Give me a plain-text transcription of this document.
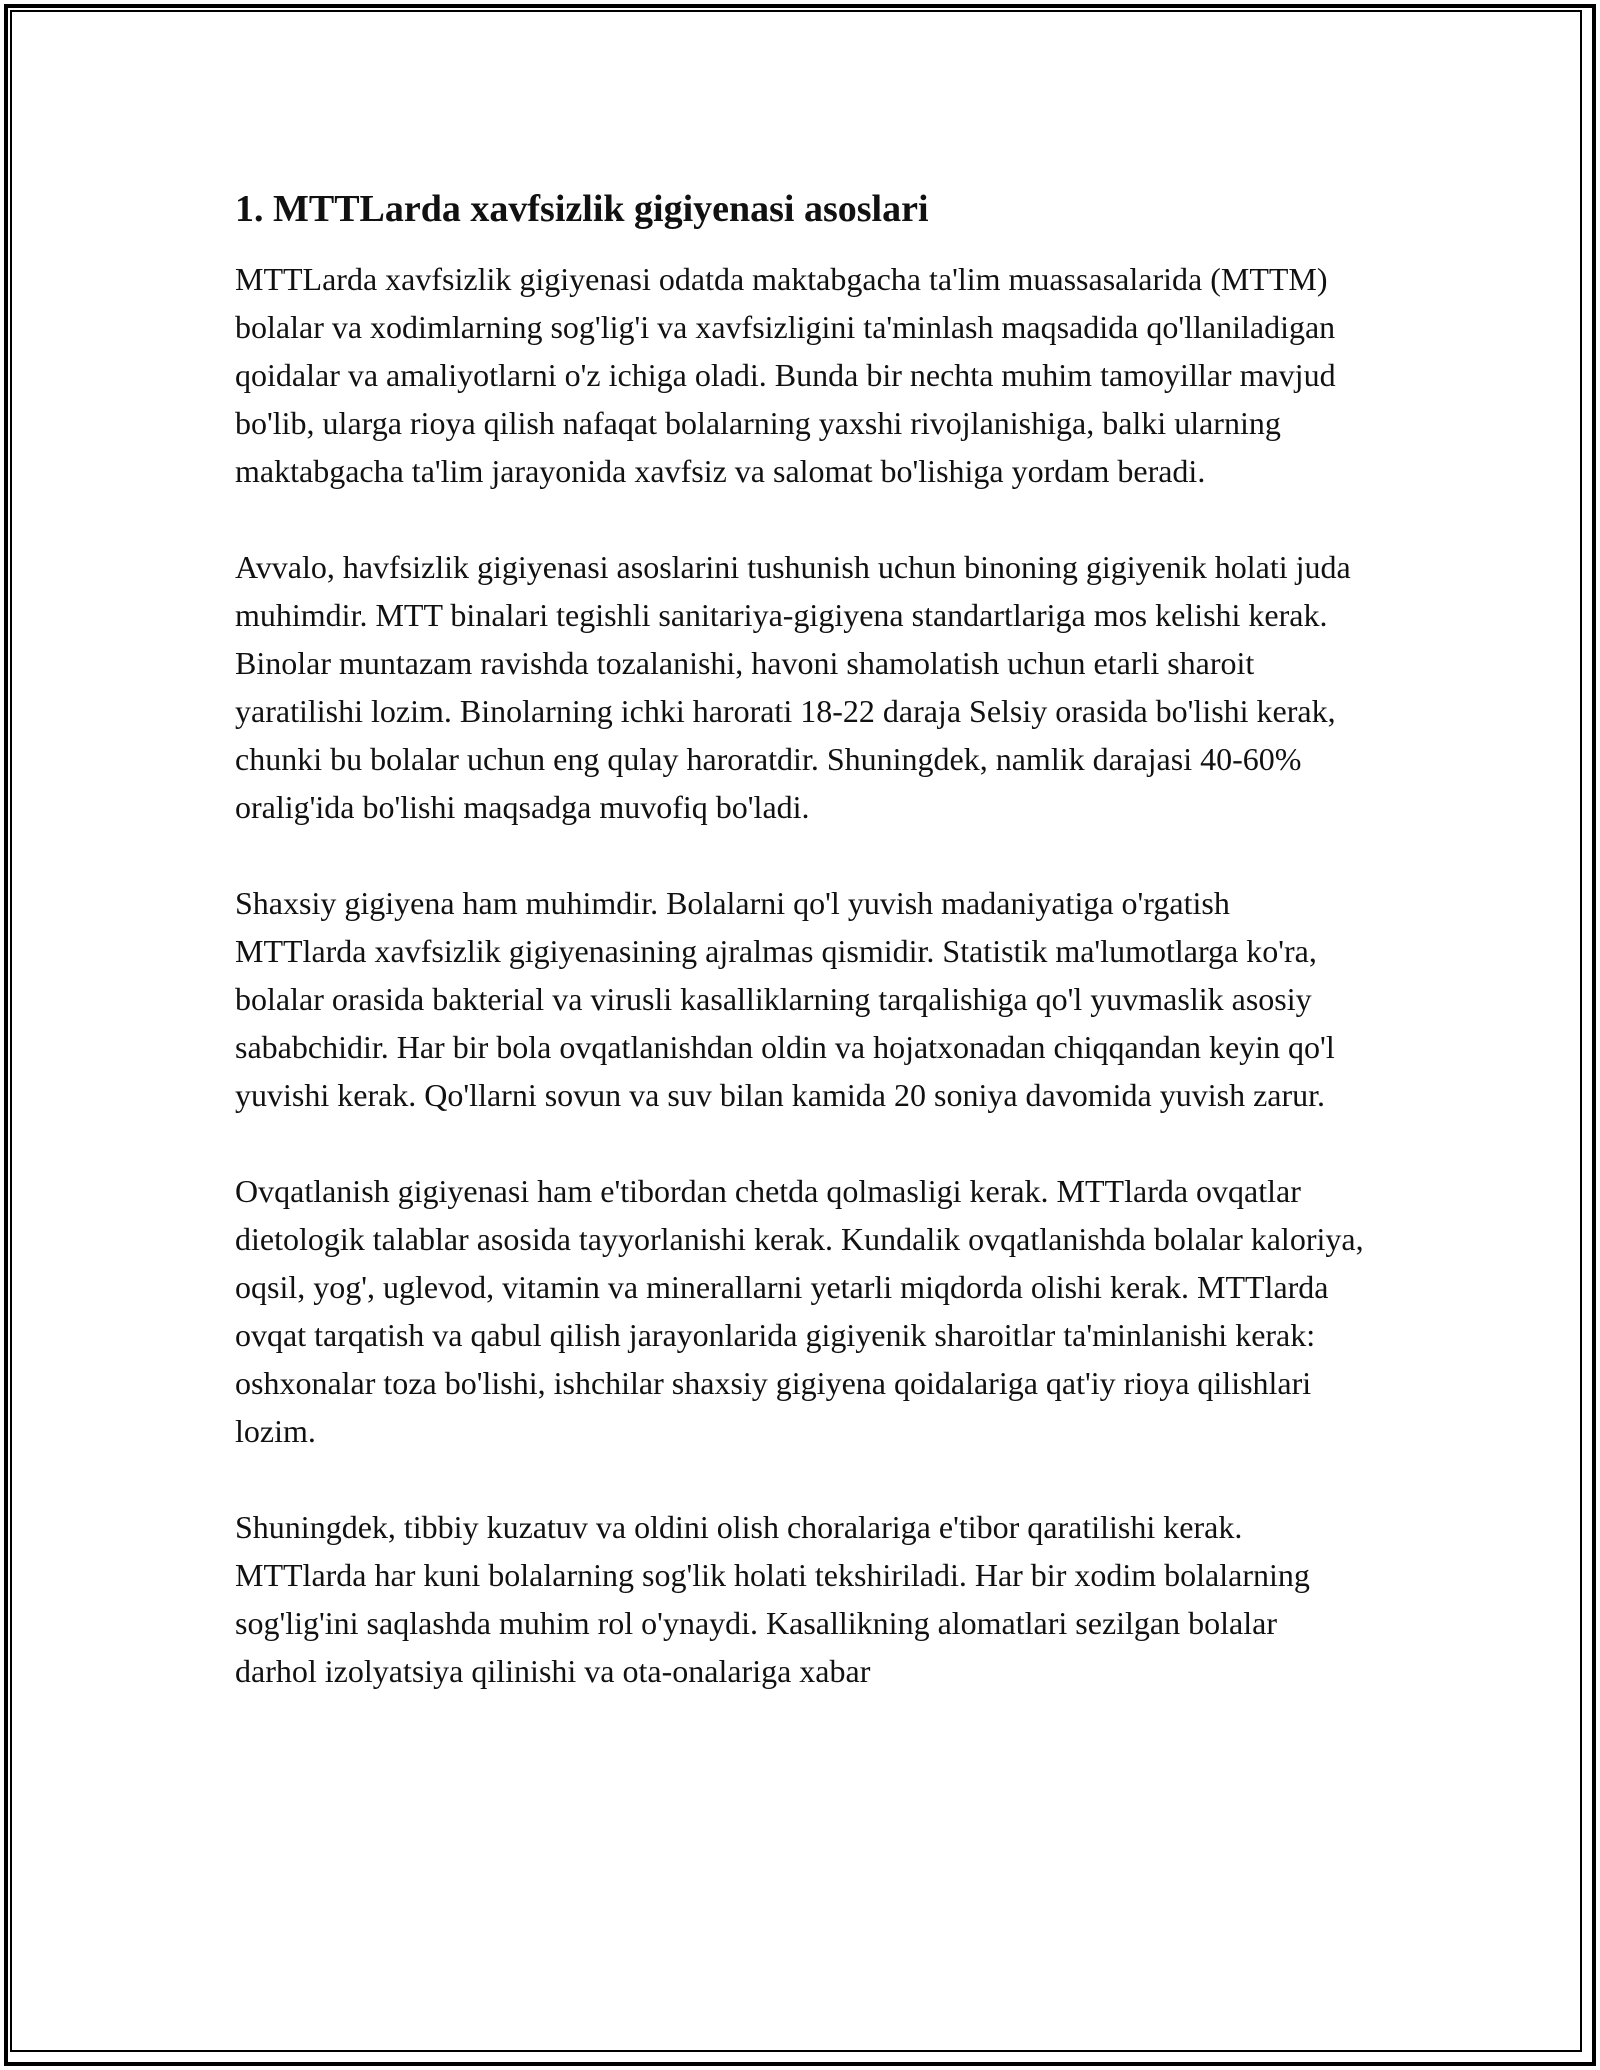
1. MTTLarda xavfsizlik gigiyenasi asoslari

MTTLarda xavfsizlik gigiyenasi odatda maktabgacha ta'lim muassasalarida (MTTM) bolalar va xodimlarning sog'lig'i va xavfsizligini ta'minlash maqsadida qo'llaniladigan qoidalar va amaliyotlarni o'z ichiga oladi. Bunda bir nechta muhim tamoyillar mavjud bo'lib, ularga rioya qilish nafaqat bolalarning yaxshi rivojlanishiga, balki ularning maktabgacha ta'lim jarayonida xavfsiz va salomat bo'lishiga yordam beradi.

Avvalo, havfsizlik gigiyenasi asoslarini tushunish uchun binoning gigiyenik holati juda muhimdir. MTT binalari tegishli sanitariya-gigiyena standartlariga mos kelishi kerak. Binolar muntazam ravishda tozalanishi, havoni shamolatish uchun etarli sharoit yaratilishi lozim. Binolarning ichki harorati 18-22 daraja Selsiy orasida bo'lishi kerak, chunki bu bolalar uchun eng qulay haroratdir. Shuningdek, namlik darajasi 40-60% oralig'ida bo'lishi maqsadga muvofiq bo'ladi.

Shaxsiy gigiyena ham muhimdir. Bolalarni qo'l yuvish madaniyatiga o'rgatish MTTlarda xavfsizlik gigiyenasining ajralmas qismidir. Statistik ma'lumotlarga ko'ra, bolalar orasida bakterial va virusli kasalliklarning tarqalishiga qo'l yuvmaslik asosiy sababchidir. Har bir bola ovqatlanishdan oldin va hojatxonadan chiqqandan keyin qo'l yuvishi kerak. Qo'llarni sovun va suv bilan kamida 20 soniya davomida yuvish zarur.

Ovqatlanish gigiyenasi ham e'tibordan chetda qolmasligi kerak. MTTlarda ovqatlar dietologik talablar asosida tayyorlanishi kerak. Kundalik ovqatlanishda bolalar kaloriya, oqsil, yog', uglevod, vitamin va minerallarni yetarli miqdorda olishi kerak. MTTlarda ovqat tarqatish va qabul qilish jarayonlarida gigiyenik sharoitlar ta'minlanishi kerak: oshxonalar toza bo'lishi, ishchilar shaxsiy gigiyena qoidalariga qat'iy rioya qilishlari lozim.

Shuningdek, tibbiy kuzatuv va oldini olish choralariga e'tibor qaratilishi kerak. MTTlarda har kuni bolalarning sog'lik holati tekshiriladi. Har bir xodim bolalarning sog'lig'ini saqlashda muhim rol o'ynaydi. Kasallikning alomatlari sezilgan bolalar darhol izolyatsiya qilinishi va ota-onalariga xabar
